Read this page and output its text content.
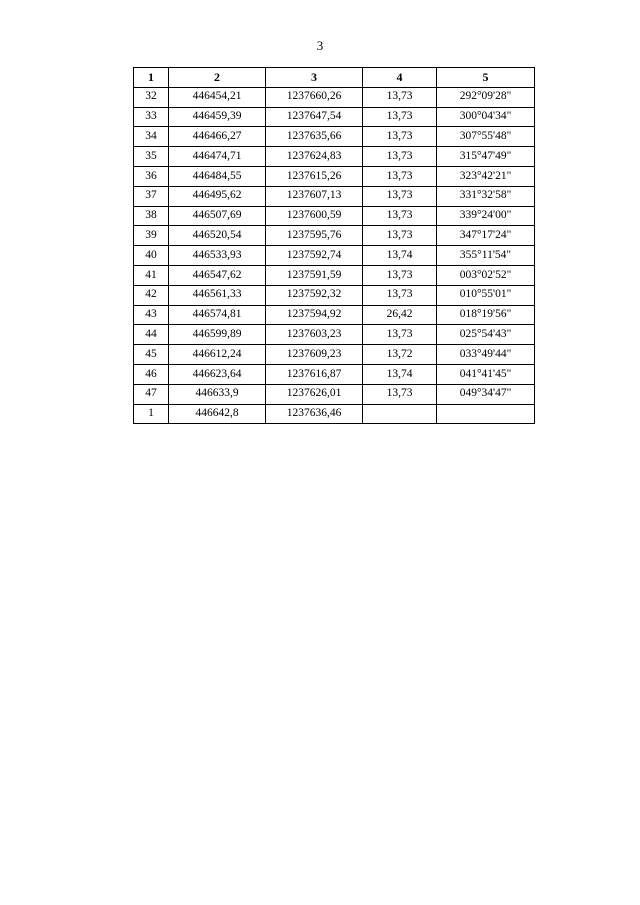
3
1	2	3	4	5
32	446454,21	1237660,26	13,73	292°09'28"
33	446459,39	1237647,54	13,73	300°04'34"
34	446466,27	1237635,66	13,73	307°55'48"
35	446474,71	1237624,83	13,73	315°47'49"
36	446484,55	1237615,26	13,73	323°42'21"
37	446495,62	1237607,13	13,73	331°32'58"
38	446507,69	1237600,59	13,73	339°24'00"
39	446520,54	1237595,76	13,73	347°17'24"
40	446533,93	1237592,74	13,74	355°11'54"
41	446547,62	1237591,59	13,73	003°02'52"
42	446561,33	1237592,32	13,73	010°55'01"
43	446574,81	1237594,92	26,42	018°19'56"
44	446599,89	1237603,23	13,73	025°54'43"
45	446612,24	1237609,23	13,72	033°49'44"
46	446623,64	1237616,87	13,74	041°41'45"
47	446633,9	1237626,01	13,73	049°34'47"
1	446642,8	1237636,46		
